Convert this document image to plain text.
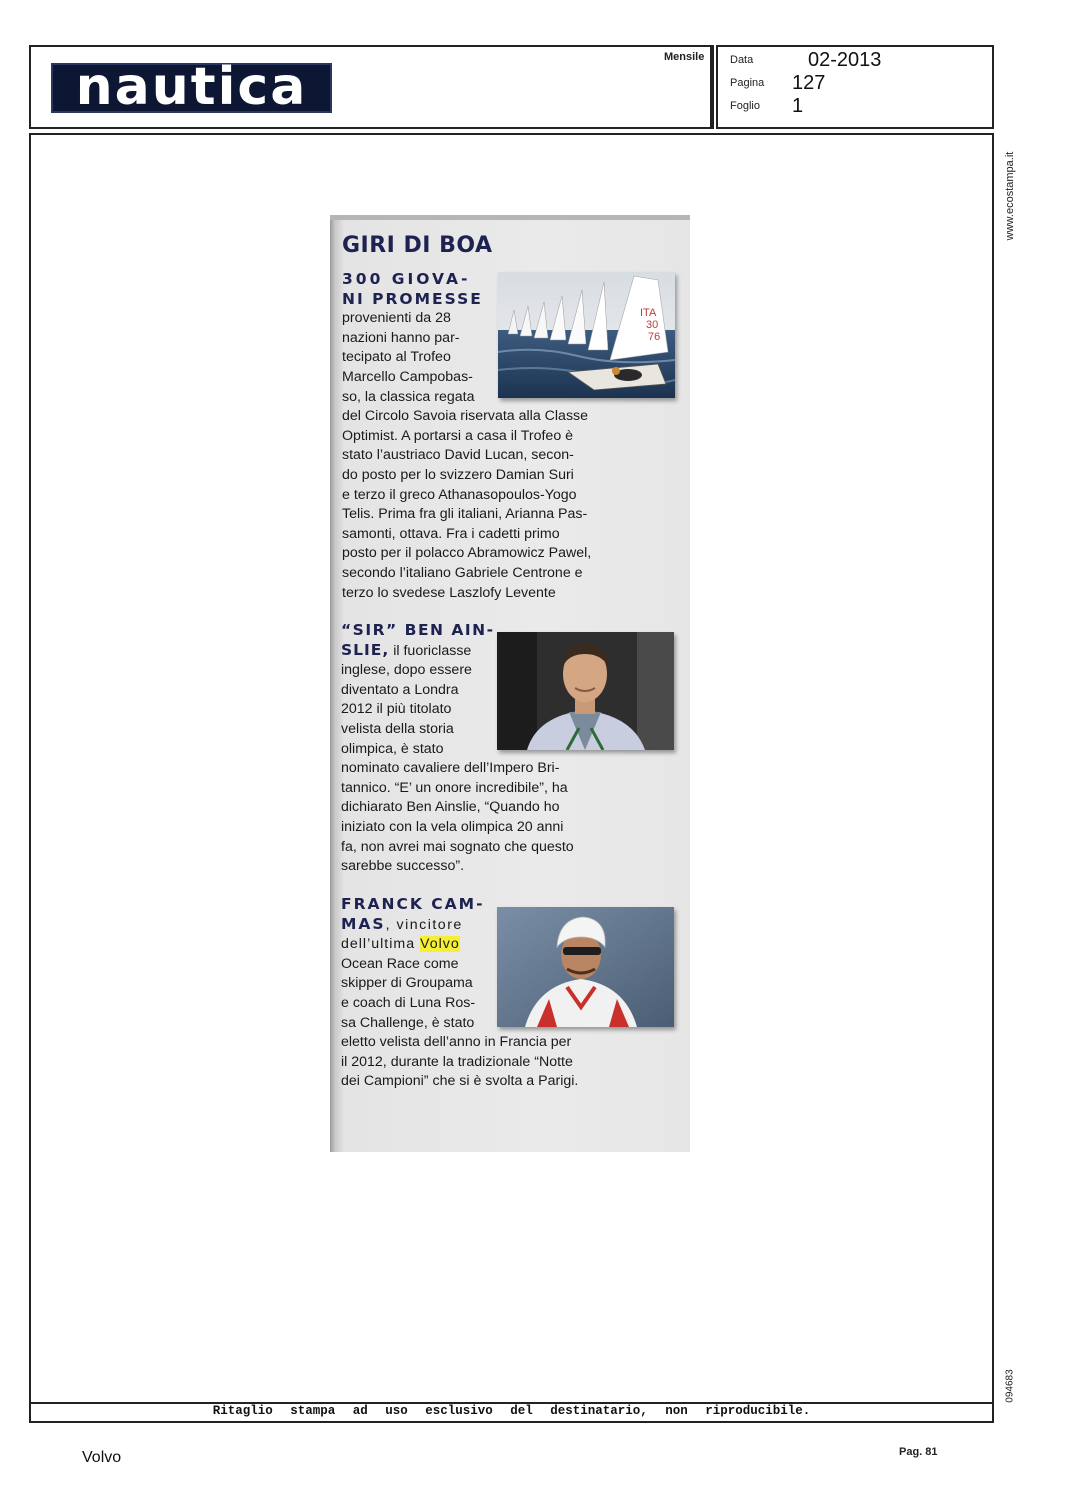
nautica	Mensile Data	02-2013
Pagina 127
Foglio 1
www.ecostampa.it
094683
GIRI DI BOA

300 GIOVA-

NI PROMESSE

provenienti da 28

nazioni hanno par-

tecipato al Trofeo

Marcello Campobas-

so, la classica regata

del Circolo Savoia riservata alla Classe

Optimist. A portarsi a casa il Trofeo è

stato l’austriaco David Lucan, secon-

do posto per lo svizzero Damian Suri

e terzo il greco Athanasopoulos-Yogo

Telis. Prima fra gli italiani, Arianna Pas-

samonti, ottava. Fra i cadetti primo

posto per il polacco Abramowicz Pawel,

secondo l’italiano Gabriele Centrone e

terzo lo svedese Laszlofy Levente

ITA
30
76

“SIR” BEN AIN-

SLIE, il fuoriclasse

inglese, dopo essere

diventato a Londra

2012 il più titolato

velista della storia

olimpica, è stato

nominato cavaliere dell’Impero Bri-

tannico. “E’ un onore incredibile”, ha

dichiarato Ben Ainslie, “Quando ho

iniziato con la vela olimpica 20 anni

fa, non avrei mai sognato che questo

sarebbe successo”.

FRANCK CAM-

MAS, vincitore

dell’ultima Volvo

Ocean Race come

skipper di Groupama

e coach di Luna Ros-

sa Challenge, è stato

eletto velista dell’anno in Francia per

il 2012, durante la tradizionale “Notte

dei Campioni” che si è svolta a Parigi.

Ritaglio stampa ad uso esclusivo del destinatario, non riproducibile.
Volvo	Pag. 81
